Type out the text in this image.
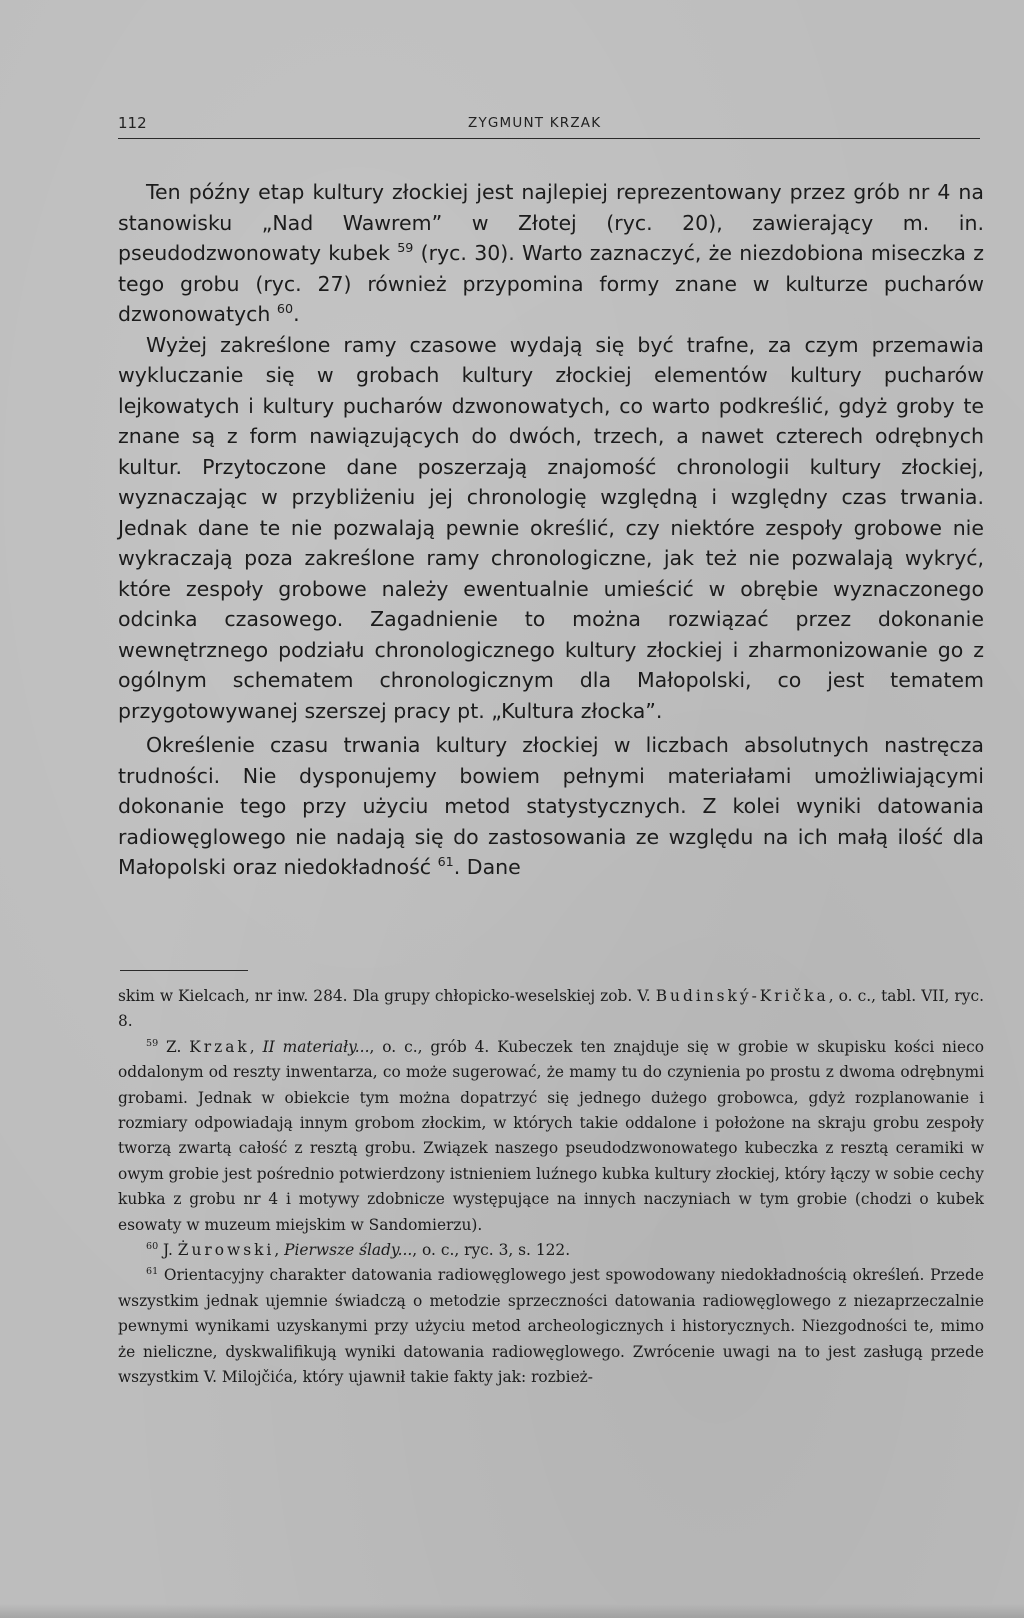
112	ZYGMUNT KRZAK

Ten późny etap kultury złockiej jest najlepiej reprezentowany przez grób nr 4 na stanowisku „Nad Wawrem” w Złotej (ryc. 20), zawierający m. in. pseudodzwonowaty kubek $^{59}$ (ryc. 30). Warto zaznaczyć, że niezdobiona miseczka z tego grobu (ryc. 27) również przypomina formy znane w kulturze pucharów dzwonowatych $^{60}$.

Wyżej zakreślone ramy czasowe wydają się być trafne, za czym przemawia wykluczanie się w grobach kultury złockiej elementów kultury pucharów lejkowatych i kultury pucharów dzwonowatych, co warto podkreślić, gdyż groby te znane są z form nawiązujących do dwóch, trzech, a nawet czterech odrębnych kultur. Przytoczone dane poszerzają znajomość chronologii kultury złockiej, wyznaczając w przybliżeniu jej chronologię względną i względny czas trwania. Jednak dane te nie pozwalają pewnie określić, czy niektóre zespoły grobowe nie wykraczają poza zakreślone ramy chronologiczne, jak też nie pozwalają wykryć, które zespoły grobowe należy ewentualnie umieścić w obrębie wyznaczonego odcinka czasowego. Zagadnienie to można rozwiązać przez dokonanie wewnętrznego podziału chronologicznego kultury złockiej i zharmonizowanie go z ogólnym schematem chronologicznym dla Małopolski, co jest tematem przygotowywanej szerszej pracy pt. „Kultura złocka”.

Określenie czasu trwania kultury złockiej w liczbach absolutnych nastręcza trudności. Nie dysponujemy bowiem pełnymi materiałami umożliwiającymi dokonanie tego przy użyciu metod statystycznych. Z kolei wyniki datowania radiowęglowego nie nadają się do zastosowania ze względu na ich małą ilość dla Małopolski oraz niedokładność $^{61}$. Dane

skim w Kielcach, nr inw. 284. Dla grupy chłopicko-weselskiej zob. V. Budinský-Krička, o. c., tabl. VII, ryc. 8.

$^{59}$ Z. Krzak, II materiały..., o. c., grób 4. Kubeczek ten znajduje się w grobie w skupisku kości nieco oddalonym od reszty inwentarza, co może sugerować, że mamy tu do czynienia po prostu z dwoma odrębnymi grobami. Jednak w obiekcie tym można dopatrzyć się jednego dużego grobowca, gdyż rozplanowanie i rozmiary odpowiadają innym grobom złockim, w których takie oddalone i położone na skraju grobu zespoły tworzą zwartą całość z resztą grobu. Związek naszego pseudodzwonowatego kubeczka z resztą ceramiki w owym grobie jest pośrednio potwierdzony istnieniem luźnego kubka kultury złockiej, który łączy w sobie cechy kubka z grobu nr 4 i motywy zdobnicze występujące na innych naczyniach w tym grobie (chodzi o kubek esowaty w muzeum miejskim w Sandomierzu).

$^{60}$ J. Żurowski, Pierwsze ślady..., o. c., ryc. 3, s. 122.

$^{61}$ Orientacyjny charakter datowania radiowęglowego jest spowodowany niedokładnością określeń. Przede wszystkim jednak ujemnie świadczą o metodzie sprzeczności datowania radiowęglowego z niezaprzeczalnie pewnymi wynikami uzyskanymi przy użyciu metod archeologicznych i historycznych. Niezgodności te, mimo że nieliczne, dyskwalifikują wyniki datowania radiowęglowego. Zwrócenie uwagi na to jest zasługą przede wszystkim V. Milojčića, który ujawnił takie fakty jak: rozbież-
